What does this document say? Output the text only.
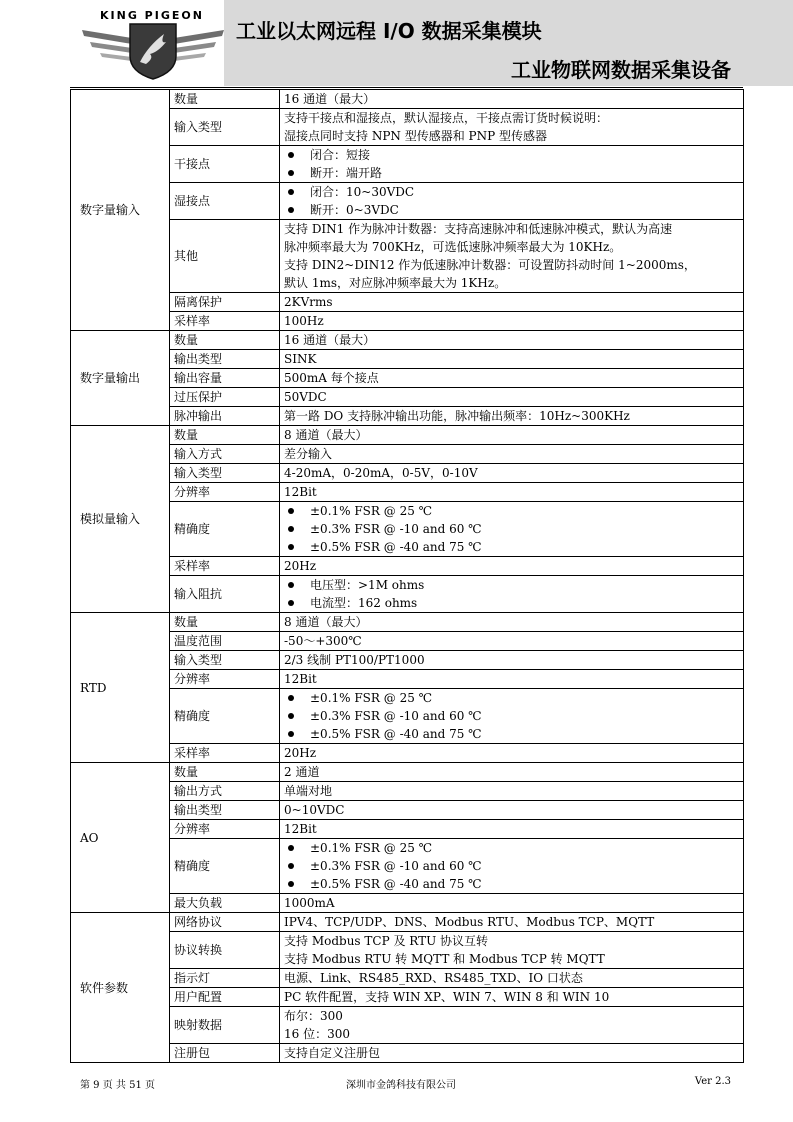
KING PIGEON
工业以太网远程 I/O 数据采集模块
工业物联网数据采集设备
数字量输入	数量	16 通道（最大）

	输入类型	支持干接点和湿接点，默认湿接点，干接点需订货时候说明：
湿接点同时支持 NPN 型传感器和 PNP 型传感器

	干接点	闭合：短接
断开：端开路

	湿接点	闭合：10~30VDC
断开：0~3VDC

	其他	支持 DIN1 作为脉冲计数器：支持高速脉冲和低速脉冲模式，默认为高速
脉冲频率最大为 700KHz，可选低速脉冲频率最大为 10KHz。
支持 DIN2~DIN12 作为低速脉冲计数器：可设置防抖动时间 1~2000ms，
默认 1ms，对应脉冲频率最大为 1KHz。

	隔离保护	2KVrms

	采样率	100Hz

数字量输出	数量	16 通道（最大）

	输出类型	SINK

	输出容量	500mA 每个接点

	过压保护	50VDC

	脉冲输出	第一路 DO 支持脉冲输出功能，脉冲输出频率：10Hz~300KHz

模拟量输入	数量	8 通道（最大）

	输入方式	差分输入

	输入类型	4-20mA，0-20mA，0-5V，0-10V

	分辨率	12Bit

	精确度	±0.1% FSR @ 25 ℃
±0.3% FSR @ -10 and 60 ℃
±0.5% FSR @ -40 and 75 ℃

	采样率	20Hz

	输入阻抗	电压型：>1M ohms
电流型：162 ohms

RTD	数量	8 通道（最大）

	温度范围	-50～+300℃

	输入类型	2/3 线制 PT100/PT1000

	分辨率	12Bit

	精确度	±0.1% FSR @ 25 ℃
±0.3% FSR @ -10 and 60 ℃
±0.5% FSR @ -40 and 75 ℃

	采样率	20Hz

AO	数量	2 通道

	输出方式	单端对地

	输出类型	0~10VDC

	分辨率	12Bit

	精确度	±0.1% FSR @ 25 ℃
±0.3% FSR @ -10 and 60 ℃
±0.5% FSR @ -40 and 75 ℃

	最大负载	1000mA

软件参数	网络协议	IPV4、TCP/UDP、DNS、Modbus RTU、Modbus TCP、MQTT

	协议转换	支持 Modbus TCP 及 RTU 协议互转
支持 Modbus RTU 转 MQTT 和 Modbus TCP 转 MQTT

	指示灯	电源、Link、RS485_RXD、RS485_TXD、IO 口状态

	用户配置	PC 软件配置，支持 WIN XP、WIN 7、WIN 8 和 WIN 10

	映射数据	布尔：300
16 位：300

	注册包	支持自定义注册包
第 9 页 共 51 页	深圳市金鸽科技有限公司	Ver 2.3
